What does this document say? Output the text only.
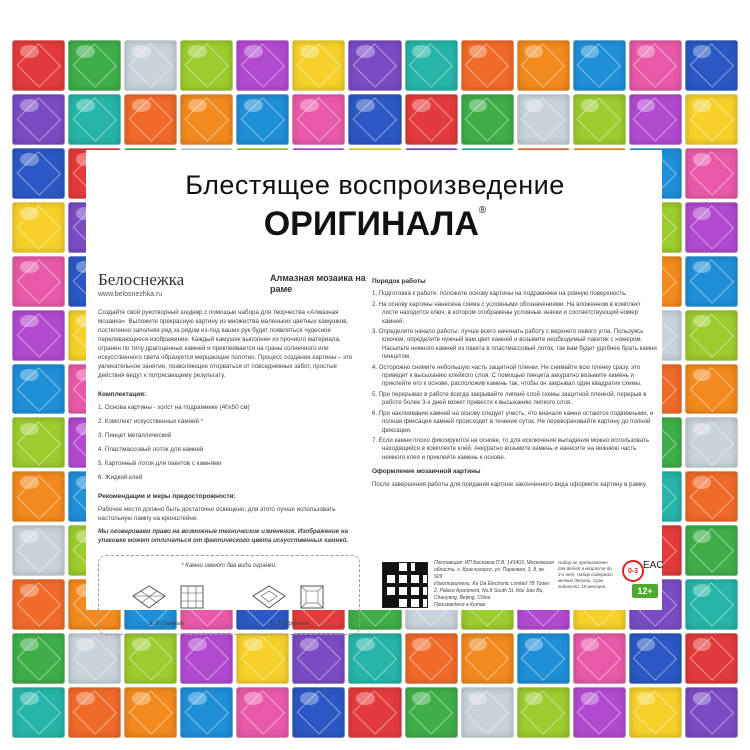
Блестящее воспроизведение
ОРИГИНАЛА®
Белоснежка
www.belosnezhka.ru
Алмазная мозаика на раме

Создайте свой рукотворный шедевр с помощью набора для творчества «Алмазная мозаика». Выложите прекрасную картину из множества маленьких цветных камушков, постепенно заполняя ряд за рядом из-под ваших рук будет появляться чудесное переливающееся изображение. Каждый камушек выполнен из прочного материала, огранен по типу драгоценных камней и приклеивается на граны солнечного или искусственного света образуется мерцающее полотно. Процесс создания картины – это увлекательное занятие, позволяющее оторваться от повседневных забот, простые действия ведут к потрясающему результату.

Комплектация:
1. Основа картины - холст на подрамнике (40х50 см)
2. Комплект искусственных камней *
3. Пинцет металлический
4. Пластмассовый лоток для камней
5. Картонный лоток для пакетов с камнями
6. Жидкий клей
Рекомендации и меры предосторожности:
Рабочее место должно быть достаточно освещено, для этого лучше использовать настольную лампу на кронштейне.
Мы оговариваем право на возможные технические изменения. Изображение на упаковке может отличаться от фактического цвета искусственных камней.
* Камни имеют два вида огранки:
a. 9-гранные	b. 13-гранные
Порядок работы
1. Подготовка к работе: положите основу картины на подрамнике на ровную поверхность.
2. На основу картины нанесена схема с условными обозначениями. На вложенном в комплект листе находится ключ, в котором отображены условные значки и соответствующий номер камней.
3. Определите начало работы: лучше всего начинать работу с верхнего левого угла. Пользуясь ключом, определите нужный вам цвет камней и возьмите необходимый пакетик с номером. Насыпьте немного камней из пакета в пластмассовый лоток, так вам будет удобнее брать камни пинцетом.
4. Осторожно снимите небольшую часть защитной пленки. Не снимайте всю пленку сразу, это приведет к высыханию клейкого слоя. С помощью пинцета аккуратно возьмите камень и приклейте его к основе, расположив камень так, чтобы он закрывал один квадратик схемы.
5. При перерывах в работе всегда закрывайте липкий слой схемы защитной пленкой, перерыв в работе более 3-х дней может привести к высыханию липкого слоя.
6. При наклеивании камней на основу следует учесть, что вначале камни остаются подвижными, и полная фиксация камней происходит в течение суток. Не переворачивайте картину до полной фиксации.
7. Если камни плохо фиксируются на основе, то для исключения выпадения можно использовать находящийся в комплекте клей. Аккуратно возьмите камень и нанесите на нижнюю часть немного клея и приклейте камень к основе.
Оформление мозаичной картины
После завершения работы для придания картине законченного вида оформите картину в рамку.
Поставщик: ИП Бескаков П.В. 143403, Московская область, г. Красногорск, ул. Парковая, 3, 8, кв. 929
Изготовитель: Ke Da Electronic Limited 7B Tower 2, Palace Apartment, No.8 South St. Wai Jiao Bu, Chaoyang, Beijing, China
Произведено в Китае
Набор не предназначен для детей в возрасте до 3-х лет. Набор содержит мелкие детали. Срок годности: 18 месяцев.
0-3 EAC
12+
